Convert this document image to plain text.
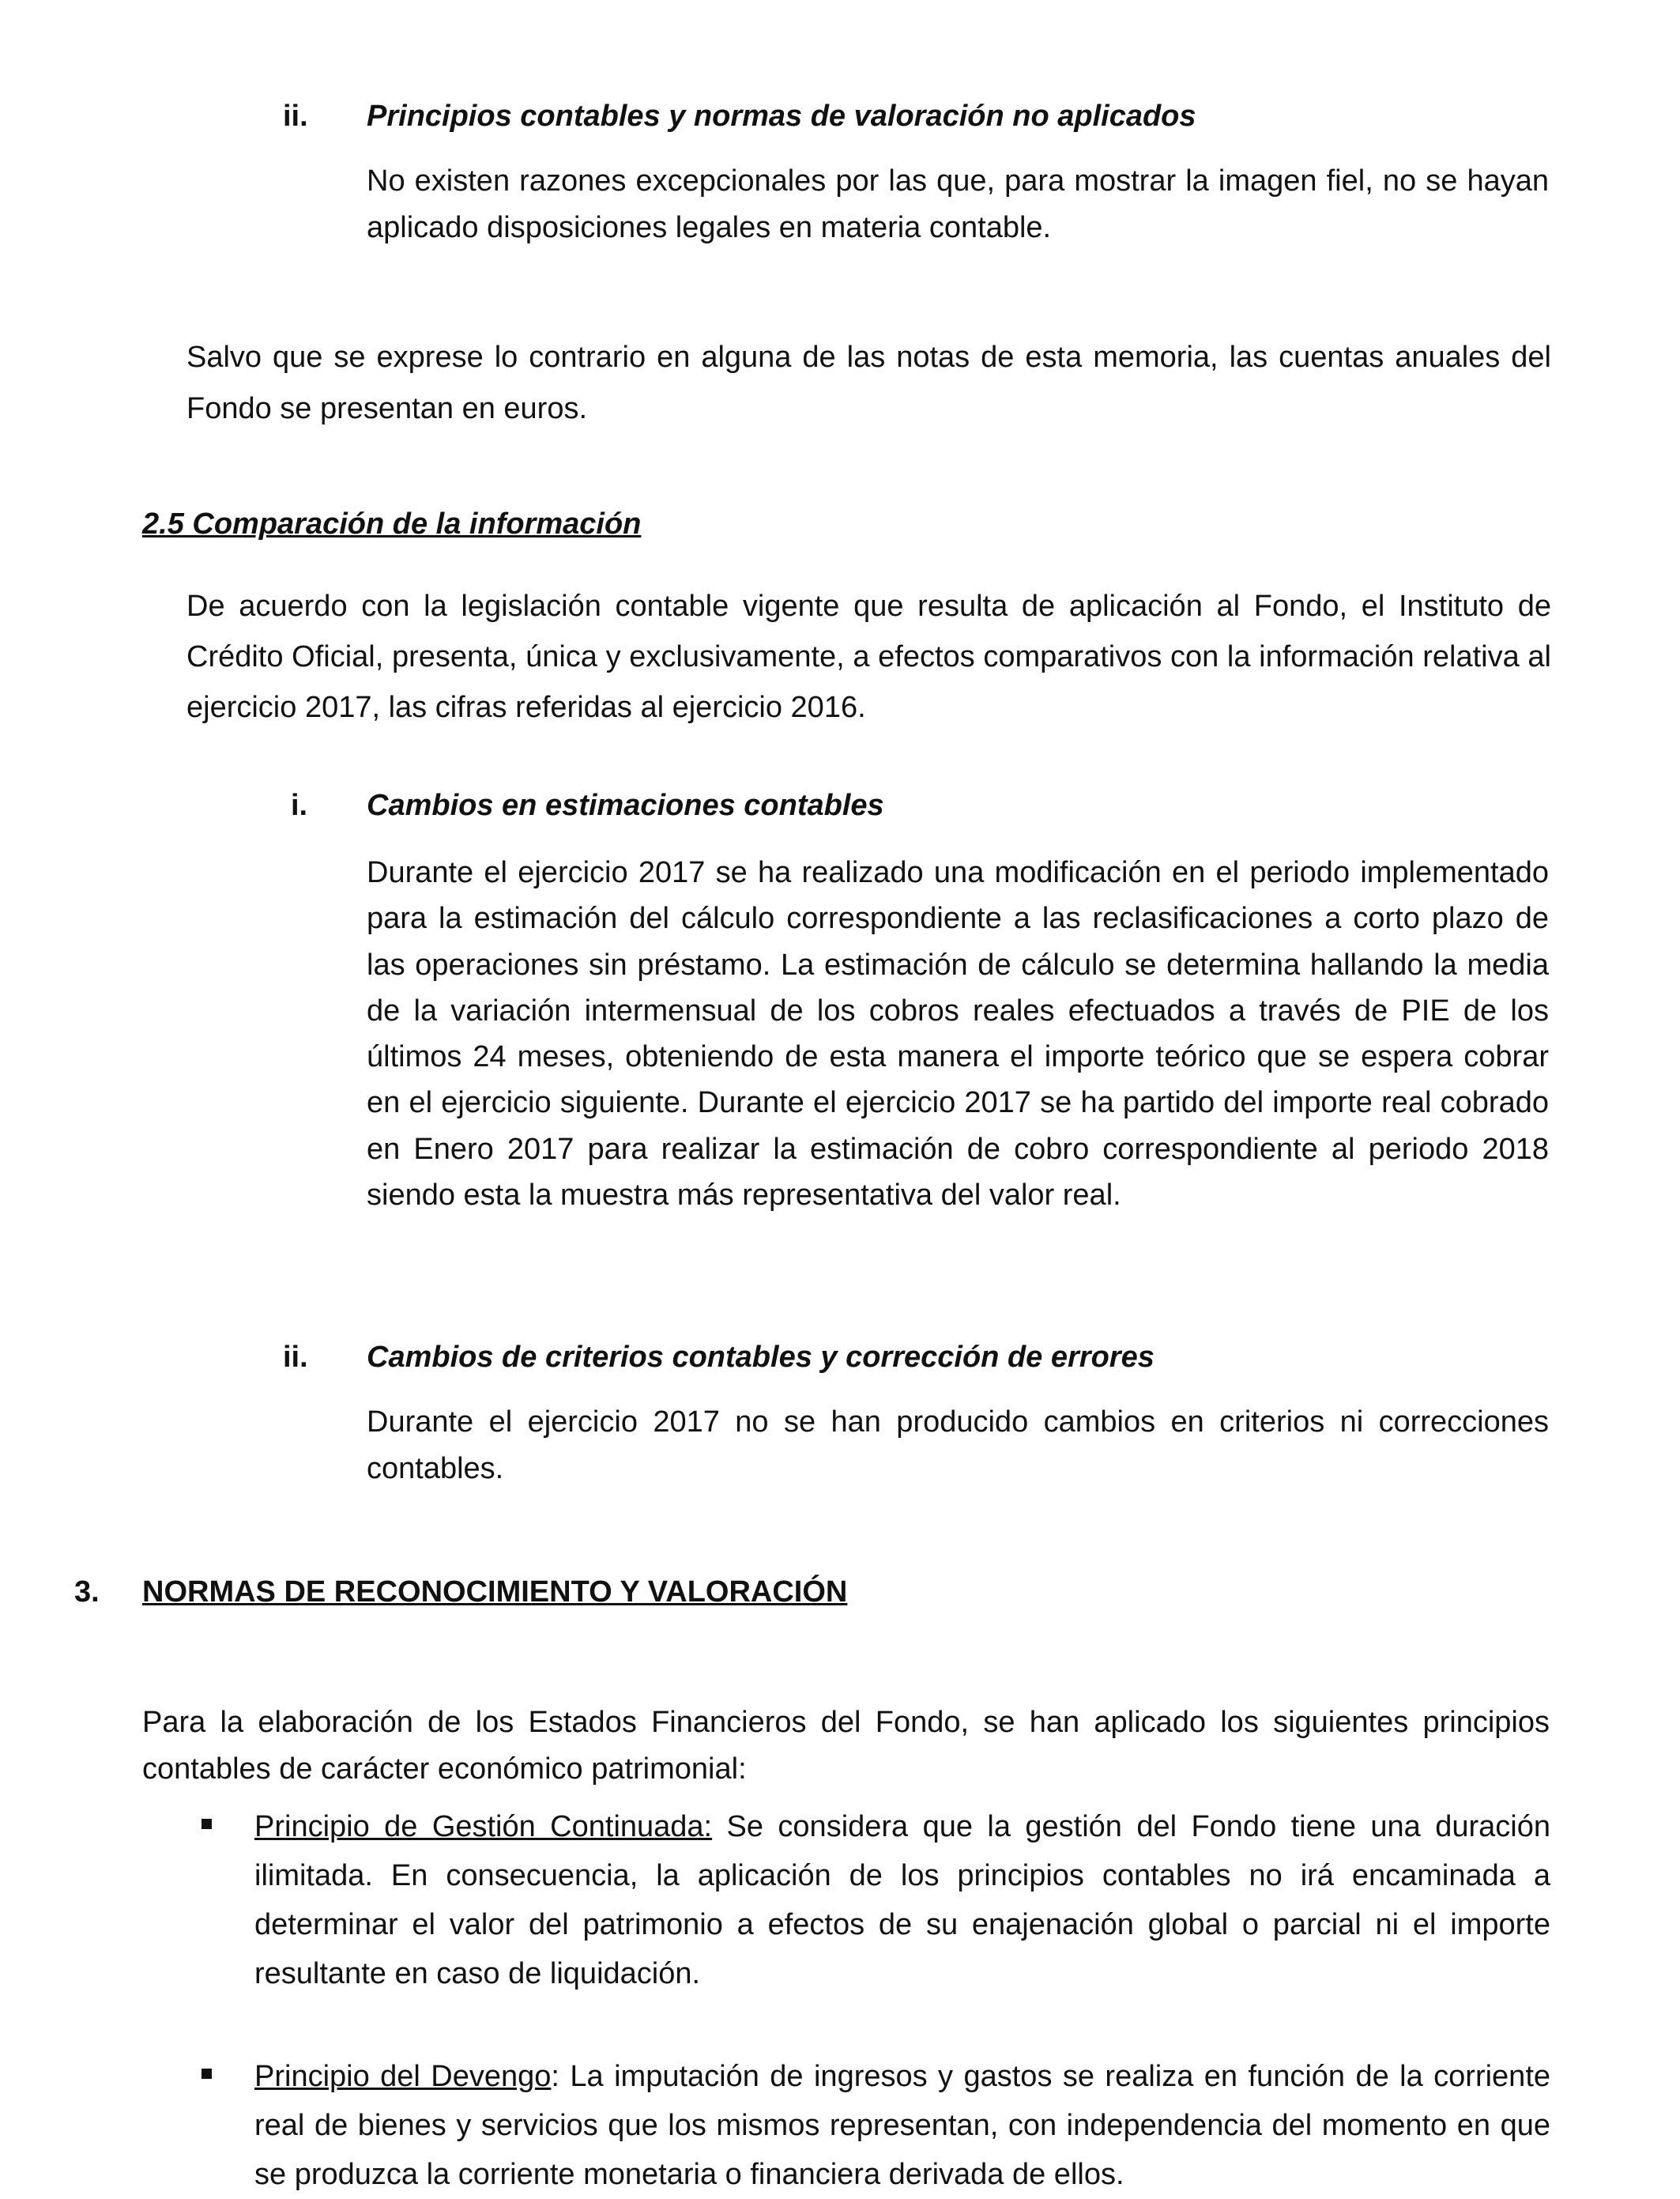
ii. Principios contables y normas de valoración no aplicados

No existen razones excepcionales por las que, para mostrar la imagen fiel, no se hayan aplicado disposiciones legales en materia contable.

Salvo que se exprese lo contrario en alguna de las notas de esta memoria, las cuentas anuales del Fondo se presentan en euros.

2.5 Comparación de la información

De acuerdo con la legislación contable vigente que resulta de aplicación al Fondo, el Instituto de Crédito Oficial, presenta, única y exclusivamente, a efectos comparativos con la información relativa al ejercicio 2017, las cifras referidas al ejercicio 2016.

i. Cambios en estimaciones contables

Durante el ejercicio 2017 se ha realizado una modificación en el periodo implementado para la estimación del cálculo correspondiente a las reclasificaciones a corto plazo de las operaciones sin préstamo. La estimación de cálculo se determina hallando la media de la variación intermensual de los cobros reales efectuados a través de PIE de los últimos 24 meses, obteniendo de esta manera el importe teórico que se espera cobrar en el ejercicio siguiente. Durante el ejercicio 2017 se ha partido del importe real cobrado en Enero 2017 para realizar la estimación de cobro correspondiente al periodo 2018 siendo esta la muestra más representativa del valor real.

ii. Cambios de criterios contables y corrección de errores

Durante el ejercicio 2017 no se han producido cambios en criterios ni correcciones contables.

3. NORMAS DE RECONOCIMIENTO Y VALORACIÓN

Para la elaboración de los Estados Financieros del Fondo, se han aplicado los siguientes principios contables de carácter económico patrimonial:

Principio de Gestión Continuada: Se considera que la gestión del Fondo tiene una duración ilimitada. En consecuencia, la aplicación de los principios contables no irá encaminada a determinar el valor del patrimonio a efectos de su enajenación global o parcial ni el importe resultante en caso de liquidación.

Principio del Devengo: La imputación de ingresos y gastos se realiza en función de la corriente real de bienes y servicios que los mismos representan, con independencia del momento en que se produzca la corriente monetaria o financiera derivada de ellos.
